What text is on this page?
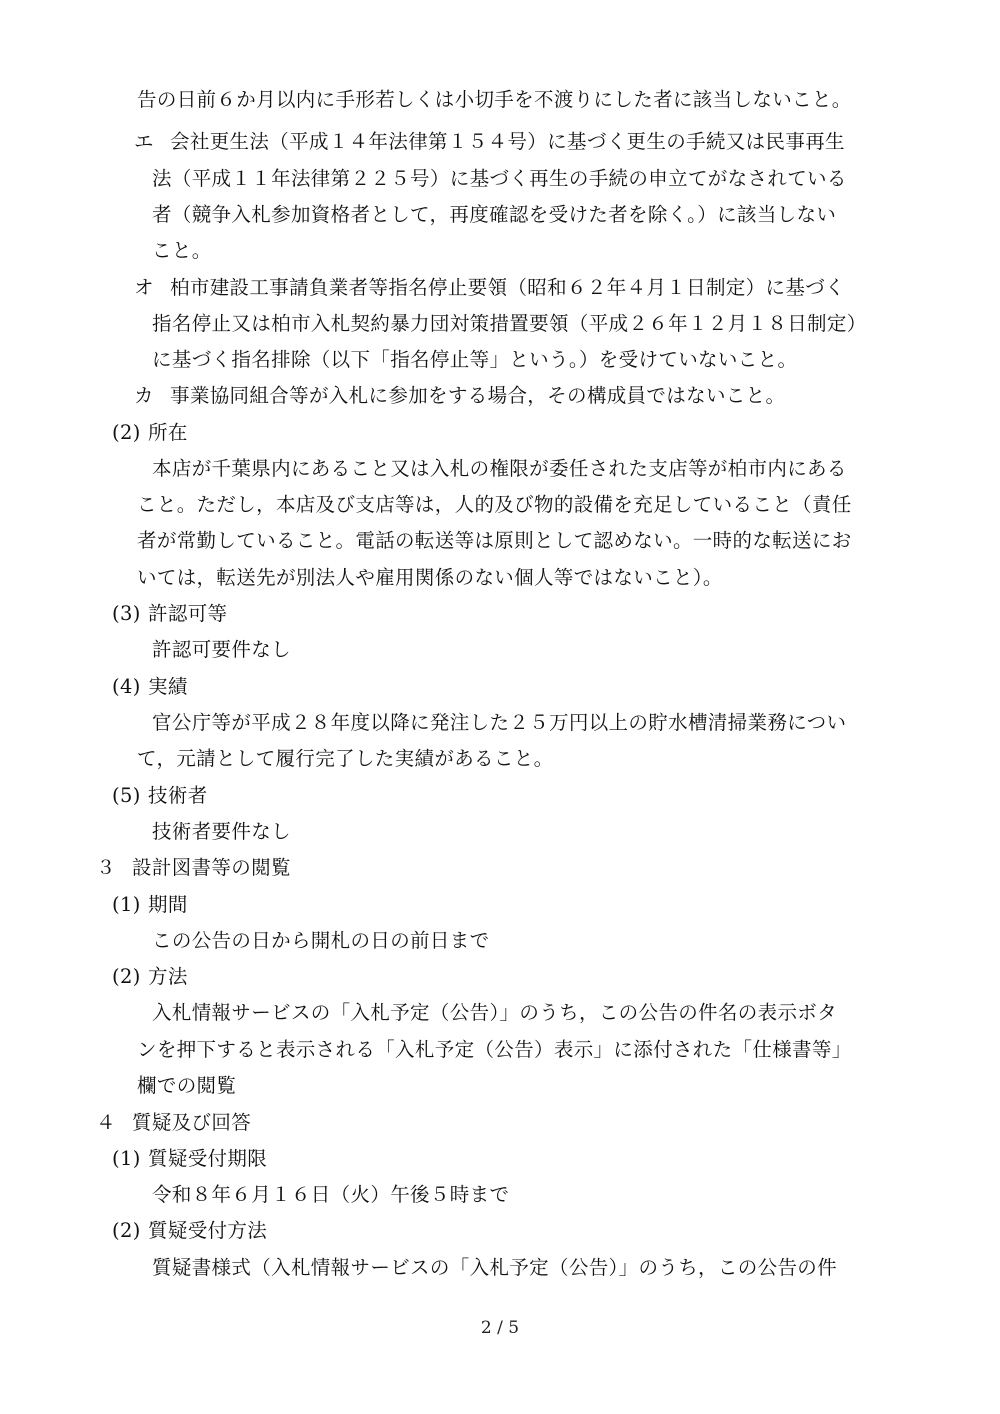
告の日前６か月以内に手形若しくは小切手を不渡りにした者に該当しないこと。
エ 会社更生法（平成１４年法律第１５４号）に基づく更生の手続又は民事再生
法（平成１１年法律第２２５号）に基づく再生の手続の申立てがなされている
者（競争入札参加資格者として，再度確認を受けた者を除く。）に該当しない
こと。
オ 柏市建設工事請負業者等指名停止要領（昭和６２年４月１日制定）に基づく
指名停止又は柏市入札契約暴力団対策措置要領（平成２６年１２月１８日制定）
に基づく指名排除（以下「指名停止等」という。）を受けていないこと。
カ 事業協同組合等が入札に参加をする場合，その構成員ではないこと。
(2) 所在
本店が千葉県内にあること又は入札の権限が委任された支店等が柏市内にある
こと。ただし，本店及び支店等は，人的及び物的設備を充足していること（責任
者が常勤していること。電話の転送等は原則として認めない。一時的な転送にお
いては，転送先が別法人や雇用関係のない個人等ではないこと）。
(3) 許認可等
許認可要件なし
(4) 実績
官公庁等が平成２８年度以降に発注した２５万円以上の貯水槽清掃業務につい
て，元請として履行完了した実績があること。
(5) 技術者
技術者要件なし
３ 設計図書等の閲覧
(1) 期間
この公告の日から開札の日の前日まで
(2) 方法
入札情報サービスの「入札予定（公告）」のうち，この公告の件名の表示ボタ
ンを押下すると表示される「入札予定（公告）表示」に添付された「仕様書等」
欄での閲覧
４ 質疑及び回答
(1) 質疑受付期限
令和８年６月１６日（火）午後５時まで
(2) 質疑受付方法
質疑書様式（入札情報サービスの「入札予定（公告）」のうち，この公告の件
2 / 5
